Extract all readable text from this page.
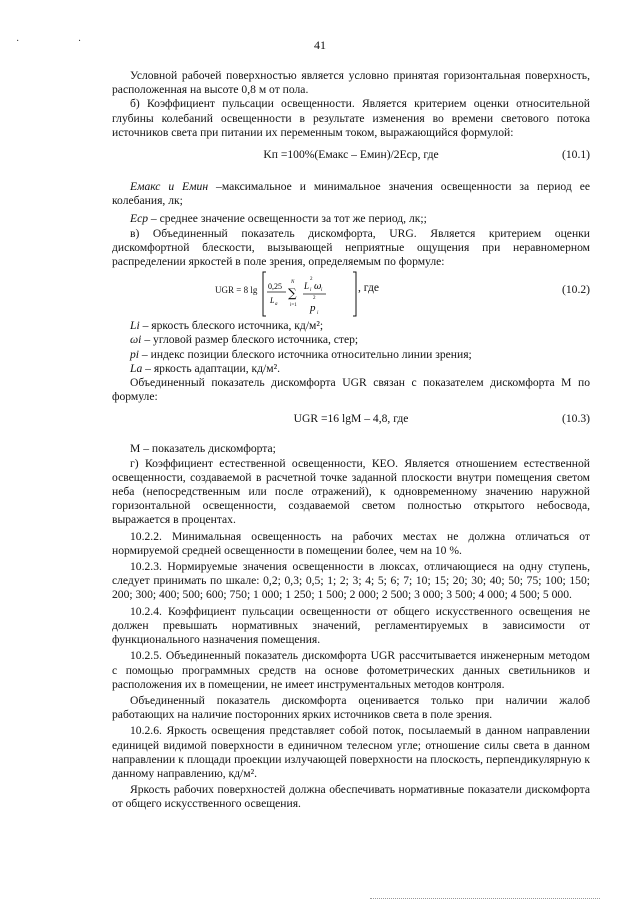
· ·	41

Условной рабочей поверхностью является условно принятая горизонтальная поверхность, расположенная на высоте 0,8 м от пола.

б) Коэффициент пульсации освещенности. Является критерием оценки относительной глубины колебаний освещенности в результате изменения во времени светового потока источников света при питании их переменным током, выражающийся формулой:

Kп =100%(Eмакс – Eмин)/2Eср, где	(10.1)

Eмакс и Eмин –максимальное и минимальное значения освещенности за период ее колебания, лк;

Eср – среднее значение освещенности за тот же период, лк;;

в) Объединенный показатель дискомфорта, URG. Является критерием оценки дискомфортной блескости, вызывающей неприятные ощущения при неравномерном распределении яркостей в поле зрения, определяемым по формуле:

UGR = 8 lg 0,25
L a
∑
N
i=1
L
2
i ω i
2
p i
, где	(10.2)

Li – яркость блеского источника, кд/м²;

ωi – угловой размер блеского источника, стер;

pi – индекс позиции блеского источника относительно линии зрения;

La – яркость адаптации, кд/м².

Объединенный показатель дискомфорта UGR связан с показателем дискомфорта М по формуле:

UGR =16 lgM – 4,8, где	(10.3)

М – показатель дискомфорта;

г) Коэффициент естественной освещенности, КЕО. Является отношением естественной освещенности, создаваемой в расчетной точке заданной плоскости внутри помещения светом неба (непосредственным или после отражений), к одновременному значению наружной горизонтальной освещенности, создаваемой светом полностью открытого небосвода, выражается в процентах.

10.2.2. Минимальная освещенность на рабочих местах не должна отличаться от нормируемой средней освещенности в помещении более, чем на 10 %.

10.2.3. Нормируемые значения освещенности в люксах, отличающиеся на одну ступень, следует принимать по шкале: 0,2; 0,3; 0,5; 1; 2; 3; 4; 5; 6; 7; 10; 15; 20; 30; 40; 50; 75; 100; 150; 200; 300; 400; 500; 600; 750; 1 000; 1 250; 1 500; 2 000; 2 500; 3 000; 3 500; 4 000; 4 500; 5 000.

10.2.4. Коэффициент пульсации освещенности от общего искусственного освещения не должен превышать нормативных значений, регламентируемых в зависимости от функционального назначения помещения.

10.2.5. Объединенный показатель дискомфорта UGR рассчитывается инженерным методом с помощью программных средств на основе фотометрических данных светильников и расположения их в помещении, не имеет инструментальных методов контроля.

Объединенный показатель дискомфорта оценивается только при наличии жалоб работающих на наличие посторонних ярких источников света в поле зрения.

10.2.6. Яркость освещения представляет собой поток, посылаемый в данном направлении единицей видимой поверхности в единичном телесном угле; отношение силы света в данном направлении к площади проекции излучающей поверхности на плоскость, перпендикулярную к данному направлению, кд/м².

Яркость рабочих поверхностей должна обеспечивать нормативные показатели дискомфорта от общего искусственного освещения.
